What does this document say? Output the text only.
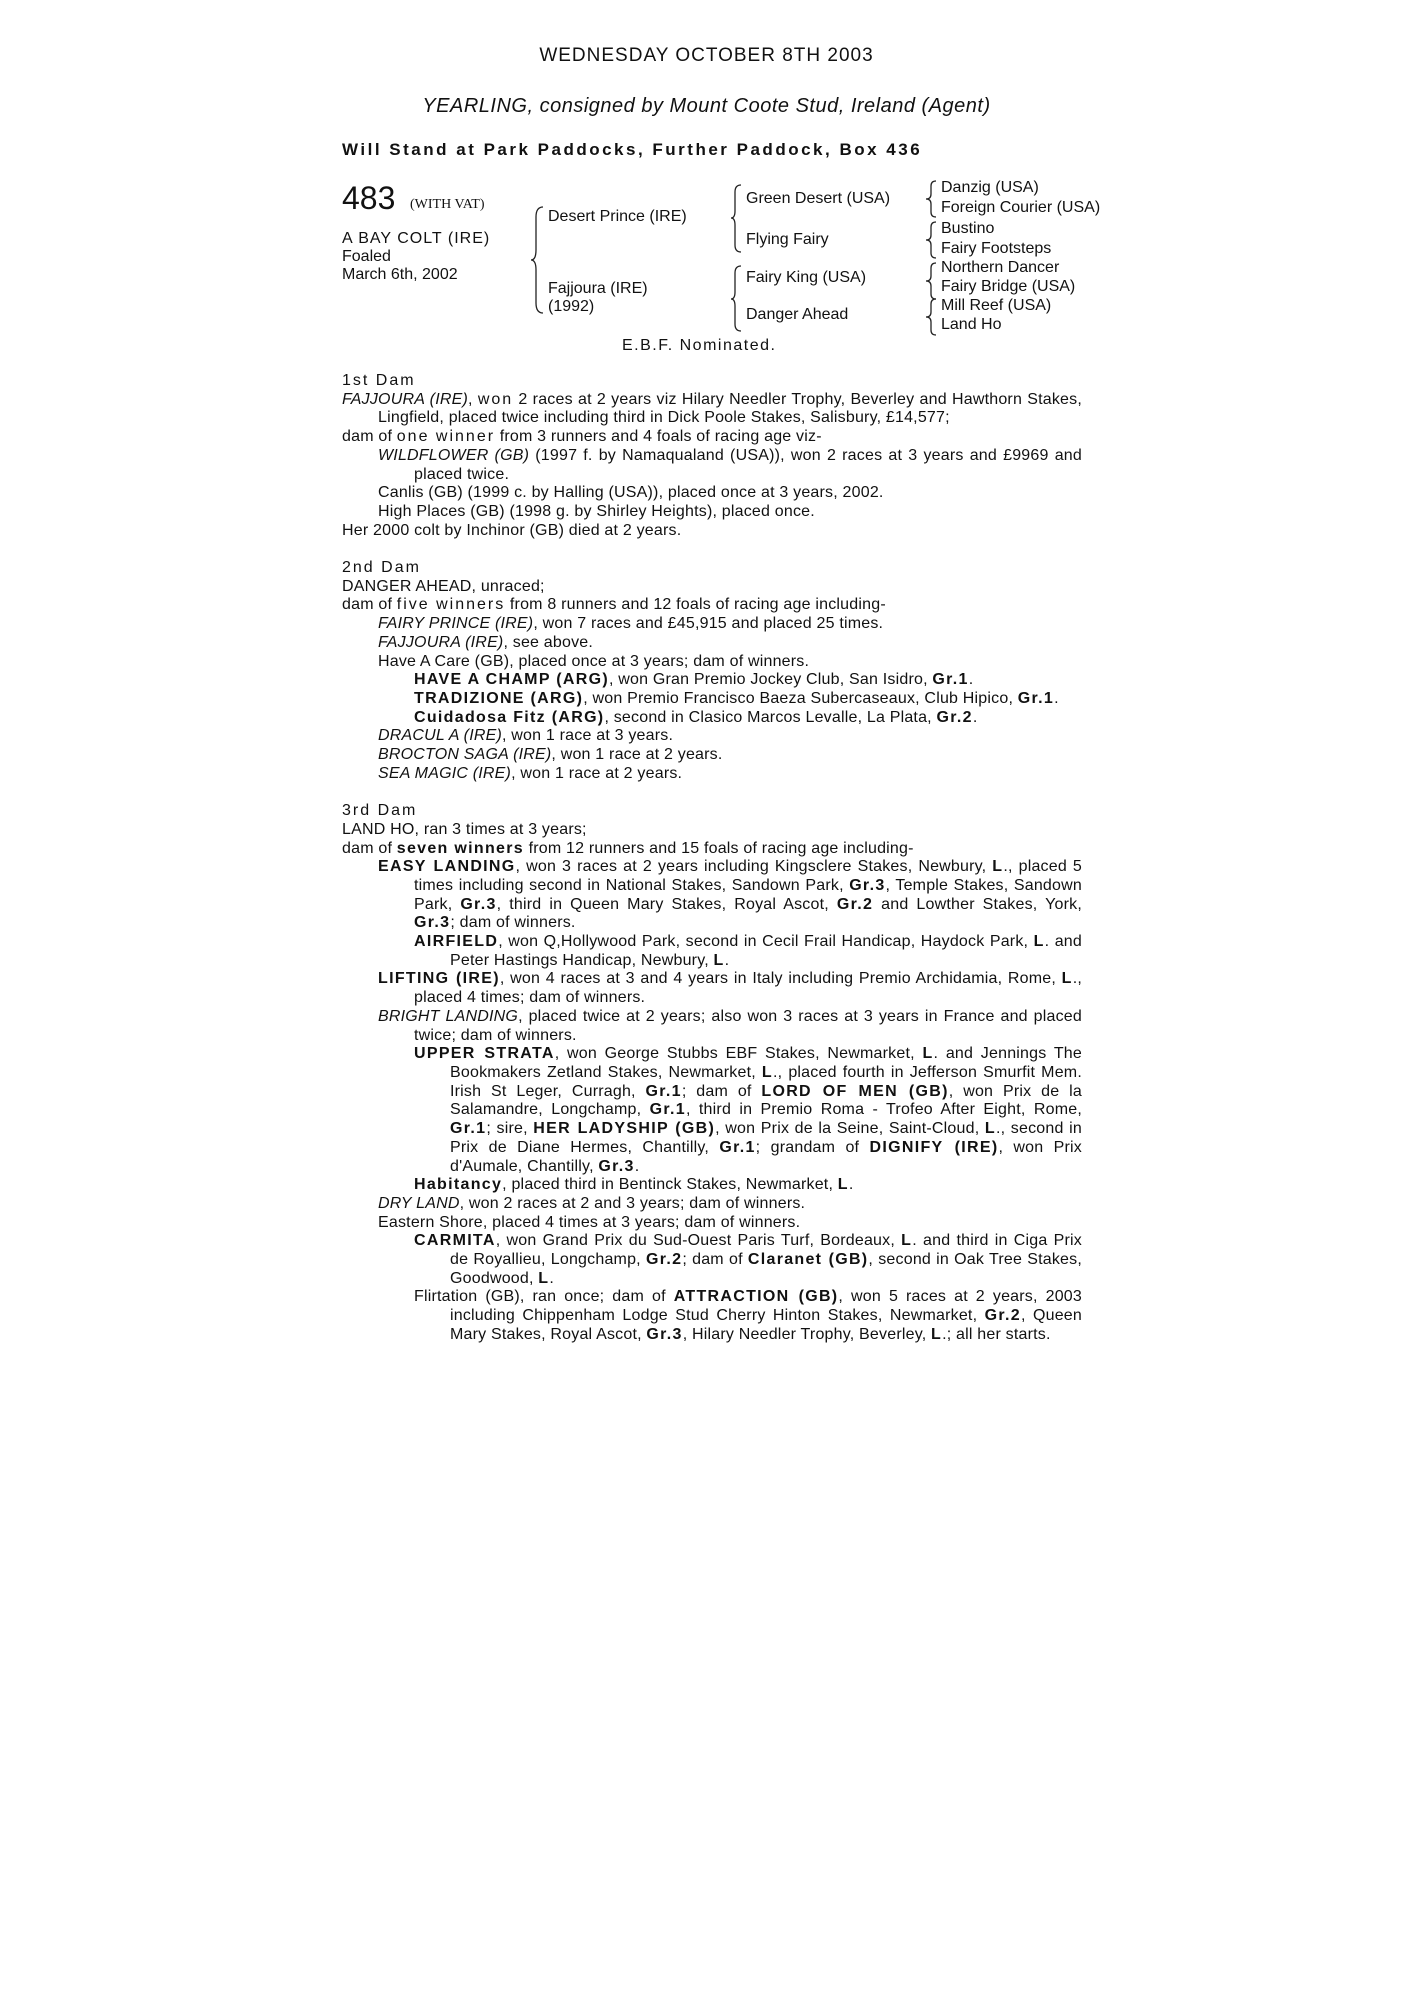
WEDNESDAY OCTOBER 8TH 2003
YEARLING, consigned by Mount Coote Stud, Ireland (Agent)
Will Stand at Park Paddocks, Further Paddock, Box 436
483 (WITH VAT)
A BAY COLT (IRE)
Foaled
March 6th, 2002
Desert Prince (IRE)
Fajjoura (IRE)
(1992)
Green Desert (USA)
Flying Fairy
Fairy King (USA)
Danger Ahead
Danzig (USA)
Foreign Courier (USA)
Bustino
Fairy Footsteps
Northern Dancer
Fairy Bridge (USA)
Mill Reef (USA)
Land Ho
E.B.F. Nominated.

1st Dam

FAJJOURA (IRE), won 2 races at 2 years viz Hilary Needler Trophy, Beverley and Hawthorn Stakes, Lingfield, placed twice including third in Dick Poole Stakes, Salisbury, £14,577;

dam of one winner from 3 runners and 4 foals of racing age viz-

WILDFLOWER (GB) (1997 f. by Namaqualand (USA)), won 2 races at 3 years and £9969 and placed twice.

Canlis (GB) (1999 c. by Halling (USA)), placed once at 3 years, 2002.

High Places (GB) (1998 g. by Shirley Heights), placed once.

Her 2000 colt by Inchinor (GB) died at 2 years.

2nd Dam

DANGER AHEAD, unraced;

dam of five winners from 8 runners and 12 foals of racing age including-

FAIRY PRINCE (IRE), won 7 races and £45,915 and placed 25 times.

FAJJOURA (IRE), see above.

Have A Care (GB), placed once at 3 years; dam of winners.

HAVE A CHAMP (ARG), won Gran Premio Jockey Club, San Isidro, Gr.1.

TRADIZIONE (ARG), won Premio Francisco Baeza Subercaseaux, Club Hipico, Gr.1.

Cuidadosa Fitz (ARG), second in Clasico Marcos Levalle, La Plata, Gr.2.

DRACUL A (IRE), won 1 race at 3 years.

BROCTON SAGA (IRE), won 1 race at 2 years.

SEA MAGIC (IRE), won 1 race at 2 years.

3rd Dam

LAND HO, ran 3 times at 3 years;

dam of seven winners from 12 runners and 15 foals of racing age including-

EASY LANDING, won 3 races at 2 years including Kingsclere Stakes, Newbury, L., placed 5 times including second in National Stakes, Sandown Park, Gr.3, Temple Stakes, Sandown Park, Gr.3, third in Queen Mary Stakes, Royal Ascot, Gr.2 and Lowther Stakes, York, Gr.3; dam of winners.

AIRFIELD, won Q,Hollywood Park, second in Cecil Frail Handicap, Haydock Park, L. and Peter Hastings Handicap, Newbury, L.

LIFTING (IRE), won 4 races at 3 and 4 years in Italy including Premio Archidamia, Rome, L., placed 4 times; dam of winners.

BRIGHT LANDING, placed twice at 2 years; also won 3 races at 3 years in France and placed twice; dam of winners.

UPPER STRATA, won George Stubbs EBF Stakes, Newmarket, L. and Jennings The Bookmakers Zetland Stakes, Newmarket, L., placed fourth in Jefferson Smurfit Mem. Irish St Leger, Curragh, Gr.1; dam of LORD OF MEN (GB), won Prix de la Salamandre, Longchamp, Gr.1, third in Premio Roma - Trofeo After Eight, Rome, Gr.1; sire, HER LADYSHIP (GB), won Prix de la Seine, Saint-Cloud, L., second in Prix de Diane Hermes, Chantilly, Gr.1; grandam of DIGNIFY (IRE), won Prix d'Aumale, Chantilly, Gr.3.

Habitancy, placed third in Bentinck Stakes, Newmarket, L.

DRY LAND, won 2 races at 2 and 3 years; dam of winners.

Eastern Shore, placed 4 times at 3 years; dam of winners.

CARMITA, won Grand Prix du Sud-Ouest Paris Turf, Bordeaux, L. and third in Ciga Prix de Royallieu, Longchamp, Gr.2; dam of Claranet (GB), second in Oak Tree Stakes, Goodwood, L.

Flirtation (GB), ran once; dam of ATTRACTION (GB), won 5 races at 2 years, 2003 including Chippenham Lodge Stud Cherry Hinton Stakes, Newmarket, Gr.2, Queen Mary Stakes, Royal Ascot, Gr.3, Hilary Needler Trophy, Beverley, L.; all her starts.
